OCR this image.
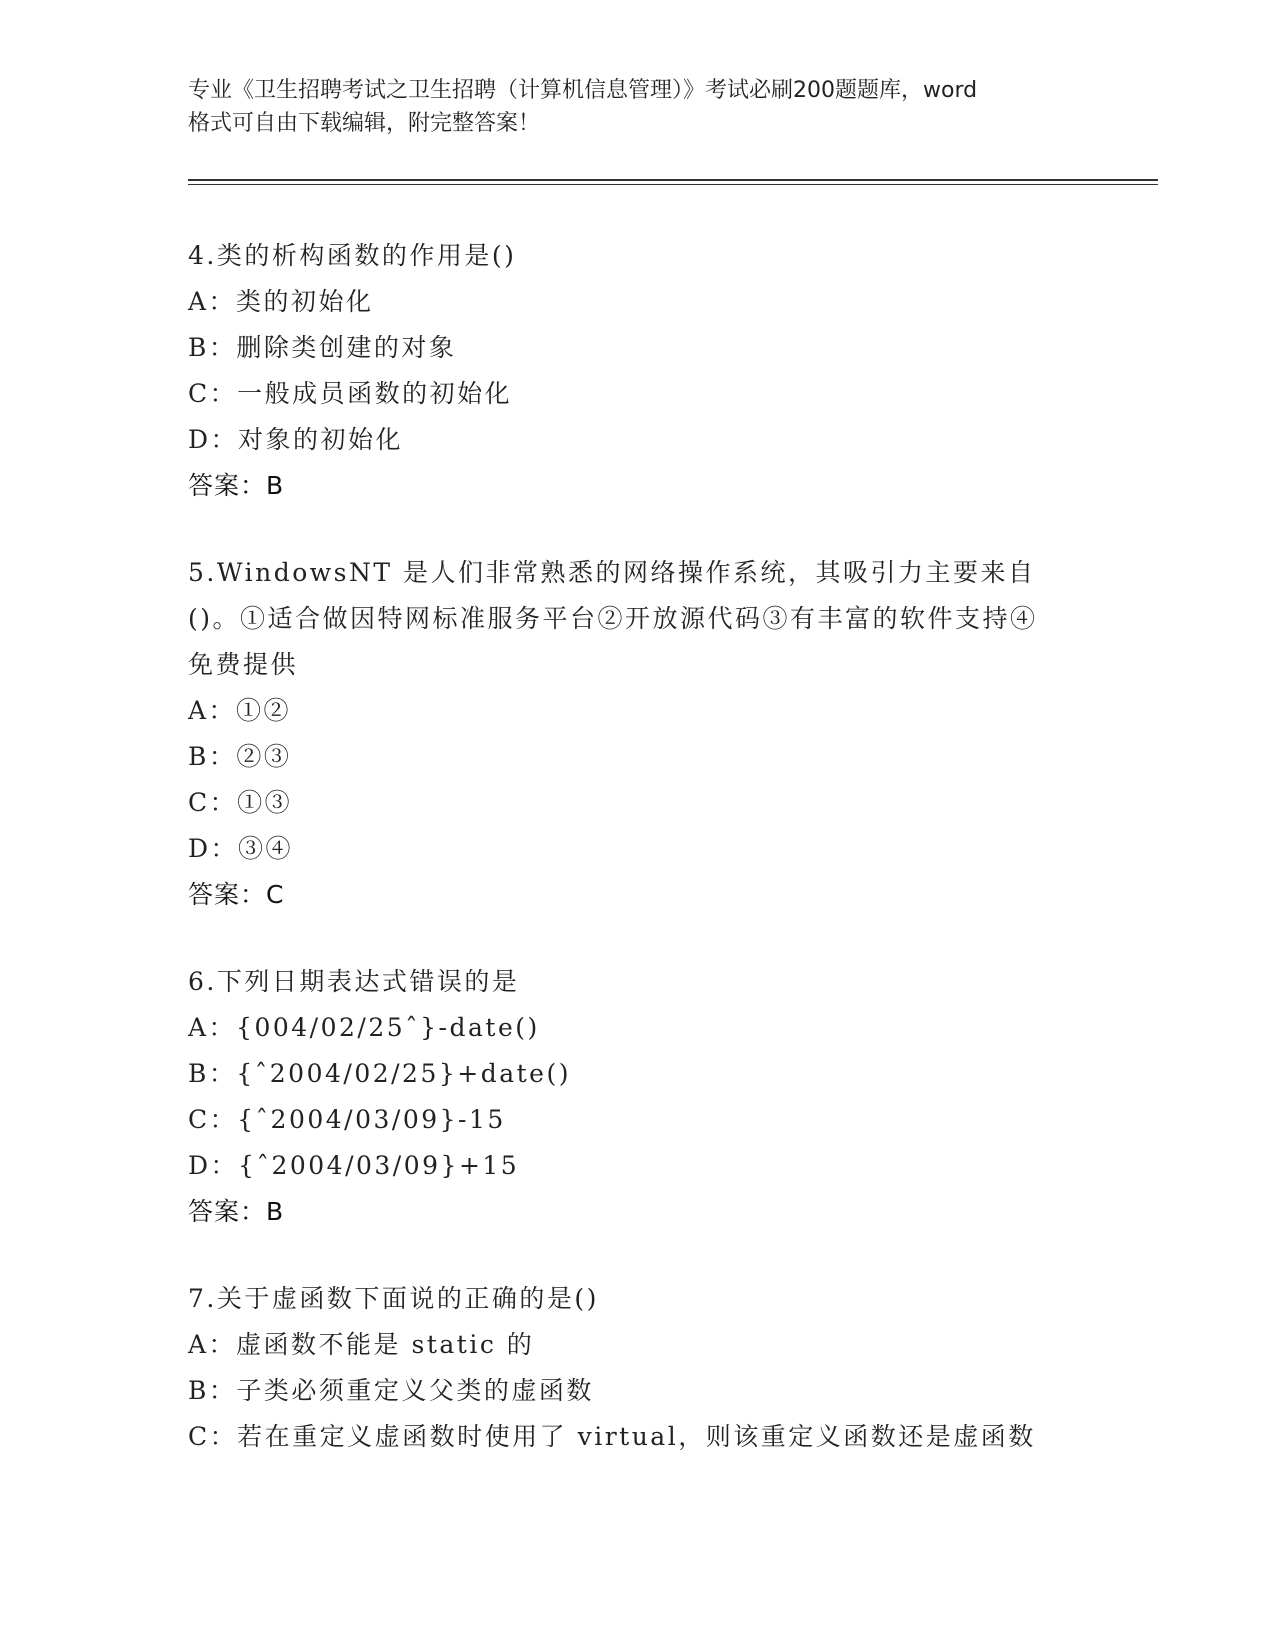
专业《卫生招聘考试之卫生招聘（计算机信息管理）》考试必刷200题题库，word
格式可自由下载编辑，附完整答案！
4.类的析构函数的作用是()
A：类的初始化
B：删除类创建的对象
C：一般成员函数的初始化
D：对象的初始化
答案：B
5.WindowsNT 是人们非常熟悉的网络操作系统，其吸引力主要来自()。①适合做因特网标准服务平台②开放源代码③有丰富的软件支持④免费提供
A：①②
B：②③
C：①③
D：③④
答案：C
6.下列日期表达式错误的是
A：{004/02/25ˆ}-date()
B：{ˆ2004/02/25}+date()
C：{ˆ2004/03/09}-15
D：{ˆ2004/03/09}+15
答案：B
7.关于虚函数下面说的正确的是()
A：虚函数不能是 static 的
B：子类必须重定义父类的虚函数
C：若在重定义虚函数时使用了 virtual，则该重定义函数还是虚函数
